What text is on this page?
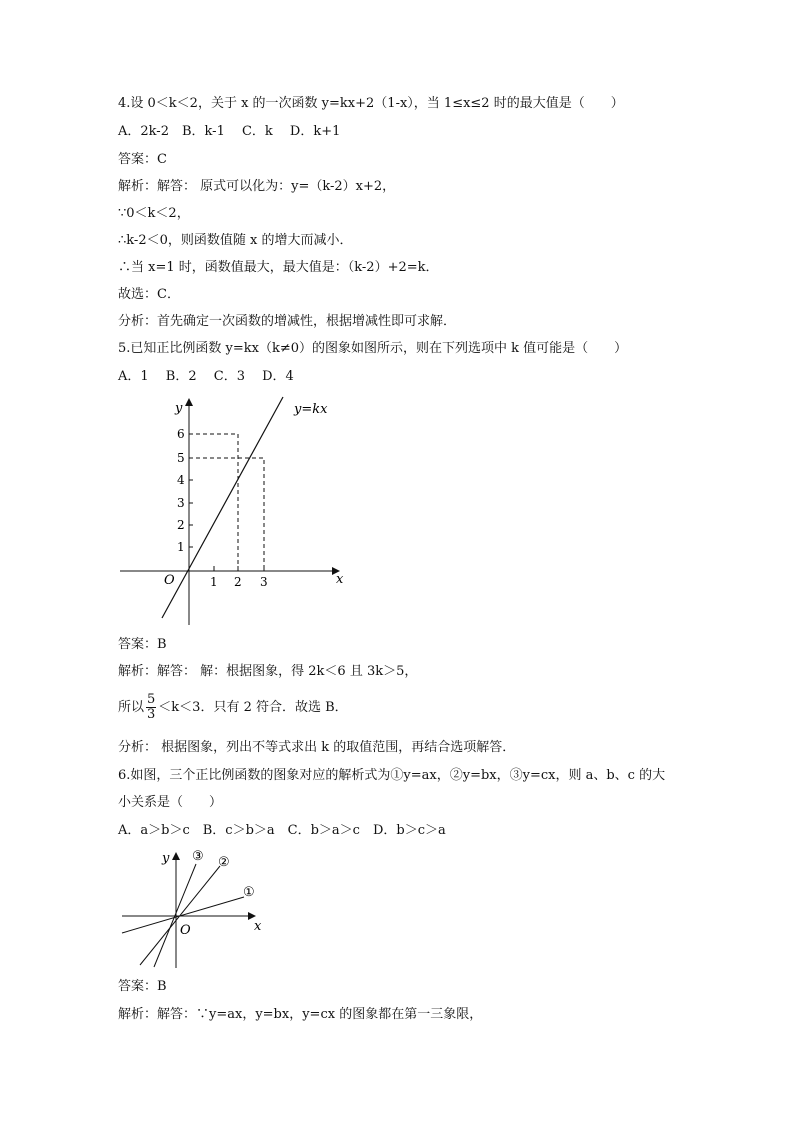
4.设 0＜k＜2，关于 x 的一次函数 y=kx+2（1-x），当 1≤x≤2 时的最大值是（　　）
A．2k-2　B．k-1　 C．k　 D．k+1
答案：C
解析：解答： 原式可以化为：y=（k-2）x+2，
∵0＜k＜2，
∴k-2＜0，则函数值随 x 的增大而减小．
∴当 x=1 时，函数值最大，最大值是：（k-2）+2=k．
故选：C．
分析：首先确定一次函数的增减性，根据增减性即可求解．
5.已知正比例函数 y=kx（k≠0）的图象如图所示，则在下列选项中 k 值可能是（　　）
A．1　 B．2　 C．3　 D．4
y=kx
y
x
O	1 2 3
1
2
3
4
5
6
答案：B
解析：解答： 解：根据图象，得 2k＜6 且 3k＞5，
所以 $\frac{5}{3} <k<3$．只有 2 符合．故选 B．
分析： 根据图象，列出不等式求出 k 的取值范围，再结合选项解答．
6.如图，三个正比例函数的图象对应的解析式为①y=ax，②y=bx，③y=cx，则 a、b、c 的大
小关系是（　　）
A．a＞b＞c　B．c＞b＞a　C．b＞a＞c　D．b＞c＞a
①
②
③
y
x
O
答案：B
解析：解答：∵y=ax，y=bx，y=cx 的图象都在第一三象限，
